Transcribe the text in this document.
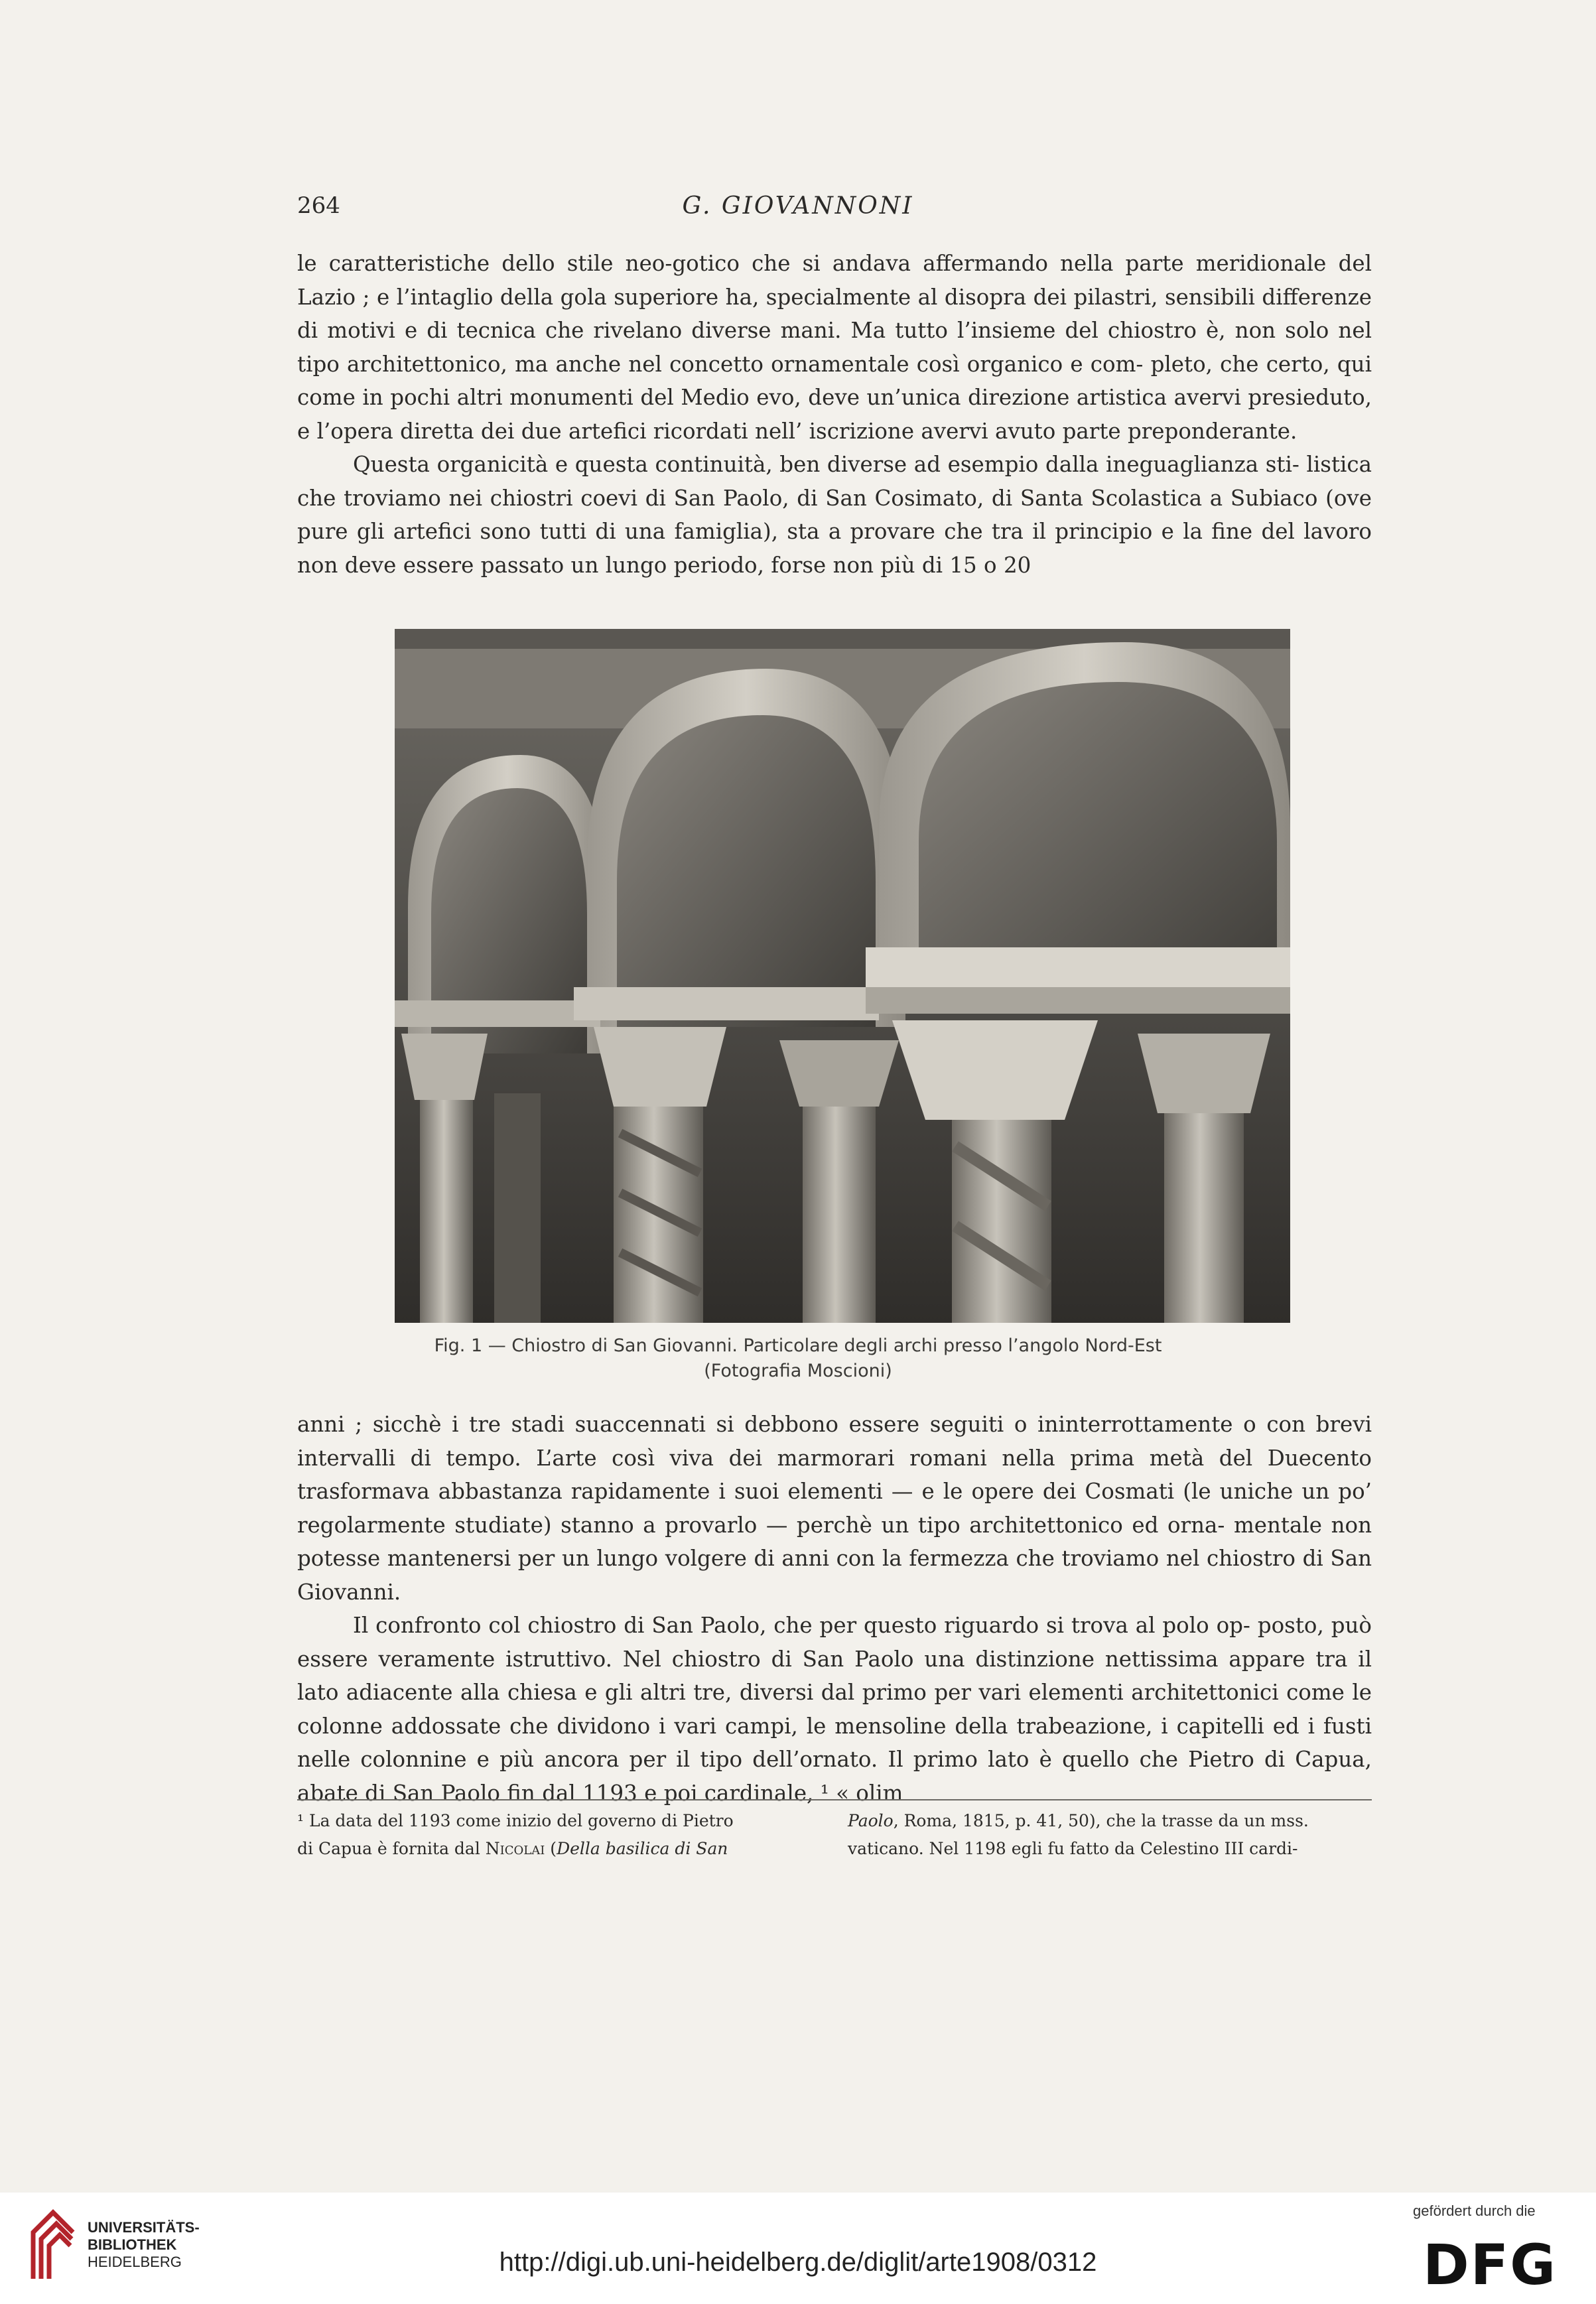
264	G. GIOVANNONI

le caratteristiche dello stile neo-gotico che si andava affermando nella parte meridionale del Lazio ; e l’intaglio della gola superiore ha, specialmente al disopra dei pilastri, sensibili differenze di motivi e di tecnica che rivelano diverse mani. Ma tutto l’insieme del chiostro è, non solo nel tipo architettonico, ma anche nel concetto ornamentale così organico e com- pleto, che certo, qui come in pochi altri monumenti del Medio evo, deve un’unica direzione artistica avervi presieduto, e l’opera diretta dei due artefici ricordati nell’ iscrizione avervi avuto parte preponderante.

Questa organicità e questa continuità, ben diverse ad esempio dalla ineguaglianza sti- listica che troviamo nei chiostri coevi di San Paolo, di San Cosimato, di Santa Scolastica a Subiaco (ove pure gli artefici sono tutti di una famiglia), sta a provare che tra il principio e la fine del lavoro non deve essere passato un lungo periodo, forse non più di 15 o 20

Fig. 1 — Chiostro di San Giovanni. Particolare degli archi presso l’angolo Nord-Est
(Fotografia Moscioni)

anni ; sicchè i tre stadi suaccennati si debbono essere seguiti o ininterrottamente o con brevi intervalli di tempo. L’arte così viva dei marmorari romani nella prima metà del Duecento trasformava abbastanza rapidamente i suoi elementi — e le opere dei Cosmati (le uniche un po’ regolarmente studiate) stanno a provarlo — perchè un tipo architettonico ed orna- mentale non potesse mantenersi per un lungo volgere di anni con la fermezza che troviamo nel chiostro di San Giovanni.

Il confronto col chiostro di San Paolo, che per questo riguardo si trova al polo op- posto, può essere veramente istruttivo. Nel chiostro di San Paolo una distinzione nettissima appare tra il lato adiacente alla chiesa e gli altri tre, diversi dal primo per vari elementi architettonici come le colonne addossate che dividono i vari campi, le mensoline della trabeazione, i capitelli ed i fusti nelle colonnine e più ancora per il tipo dell’ornato. Il primo lato è quello che Pietro di Capua, abate di San Paolo fin dal 1193 e poi cardinale, ¹ « olim

¹ La data del 1193 come inizio del governo di Pietro
di Capua è fornita dal Nicolai (Della basilica di San
Paolo, Roma, 1815, p. 41, 50), che la trasse da un mss.
vaticano. Nel 1198 egli fu fatto da Celestino III cardi-
UNIVERSITÄTS-
BIBLIOTHEK
HEIDELBERG	http://digi.ub.uni-heidelberg.de/diglit/arte1908/0312
gefördert durch die
DFG
